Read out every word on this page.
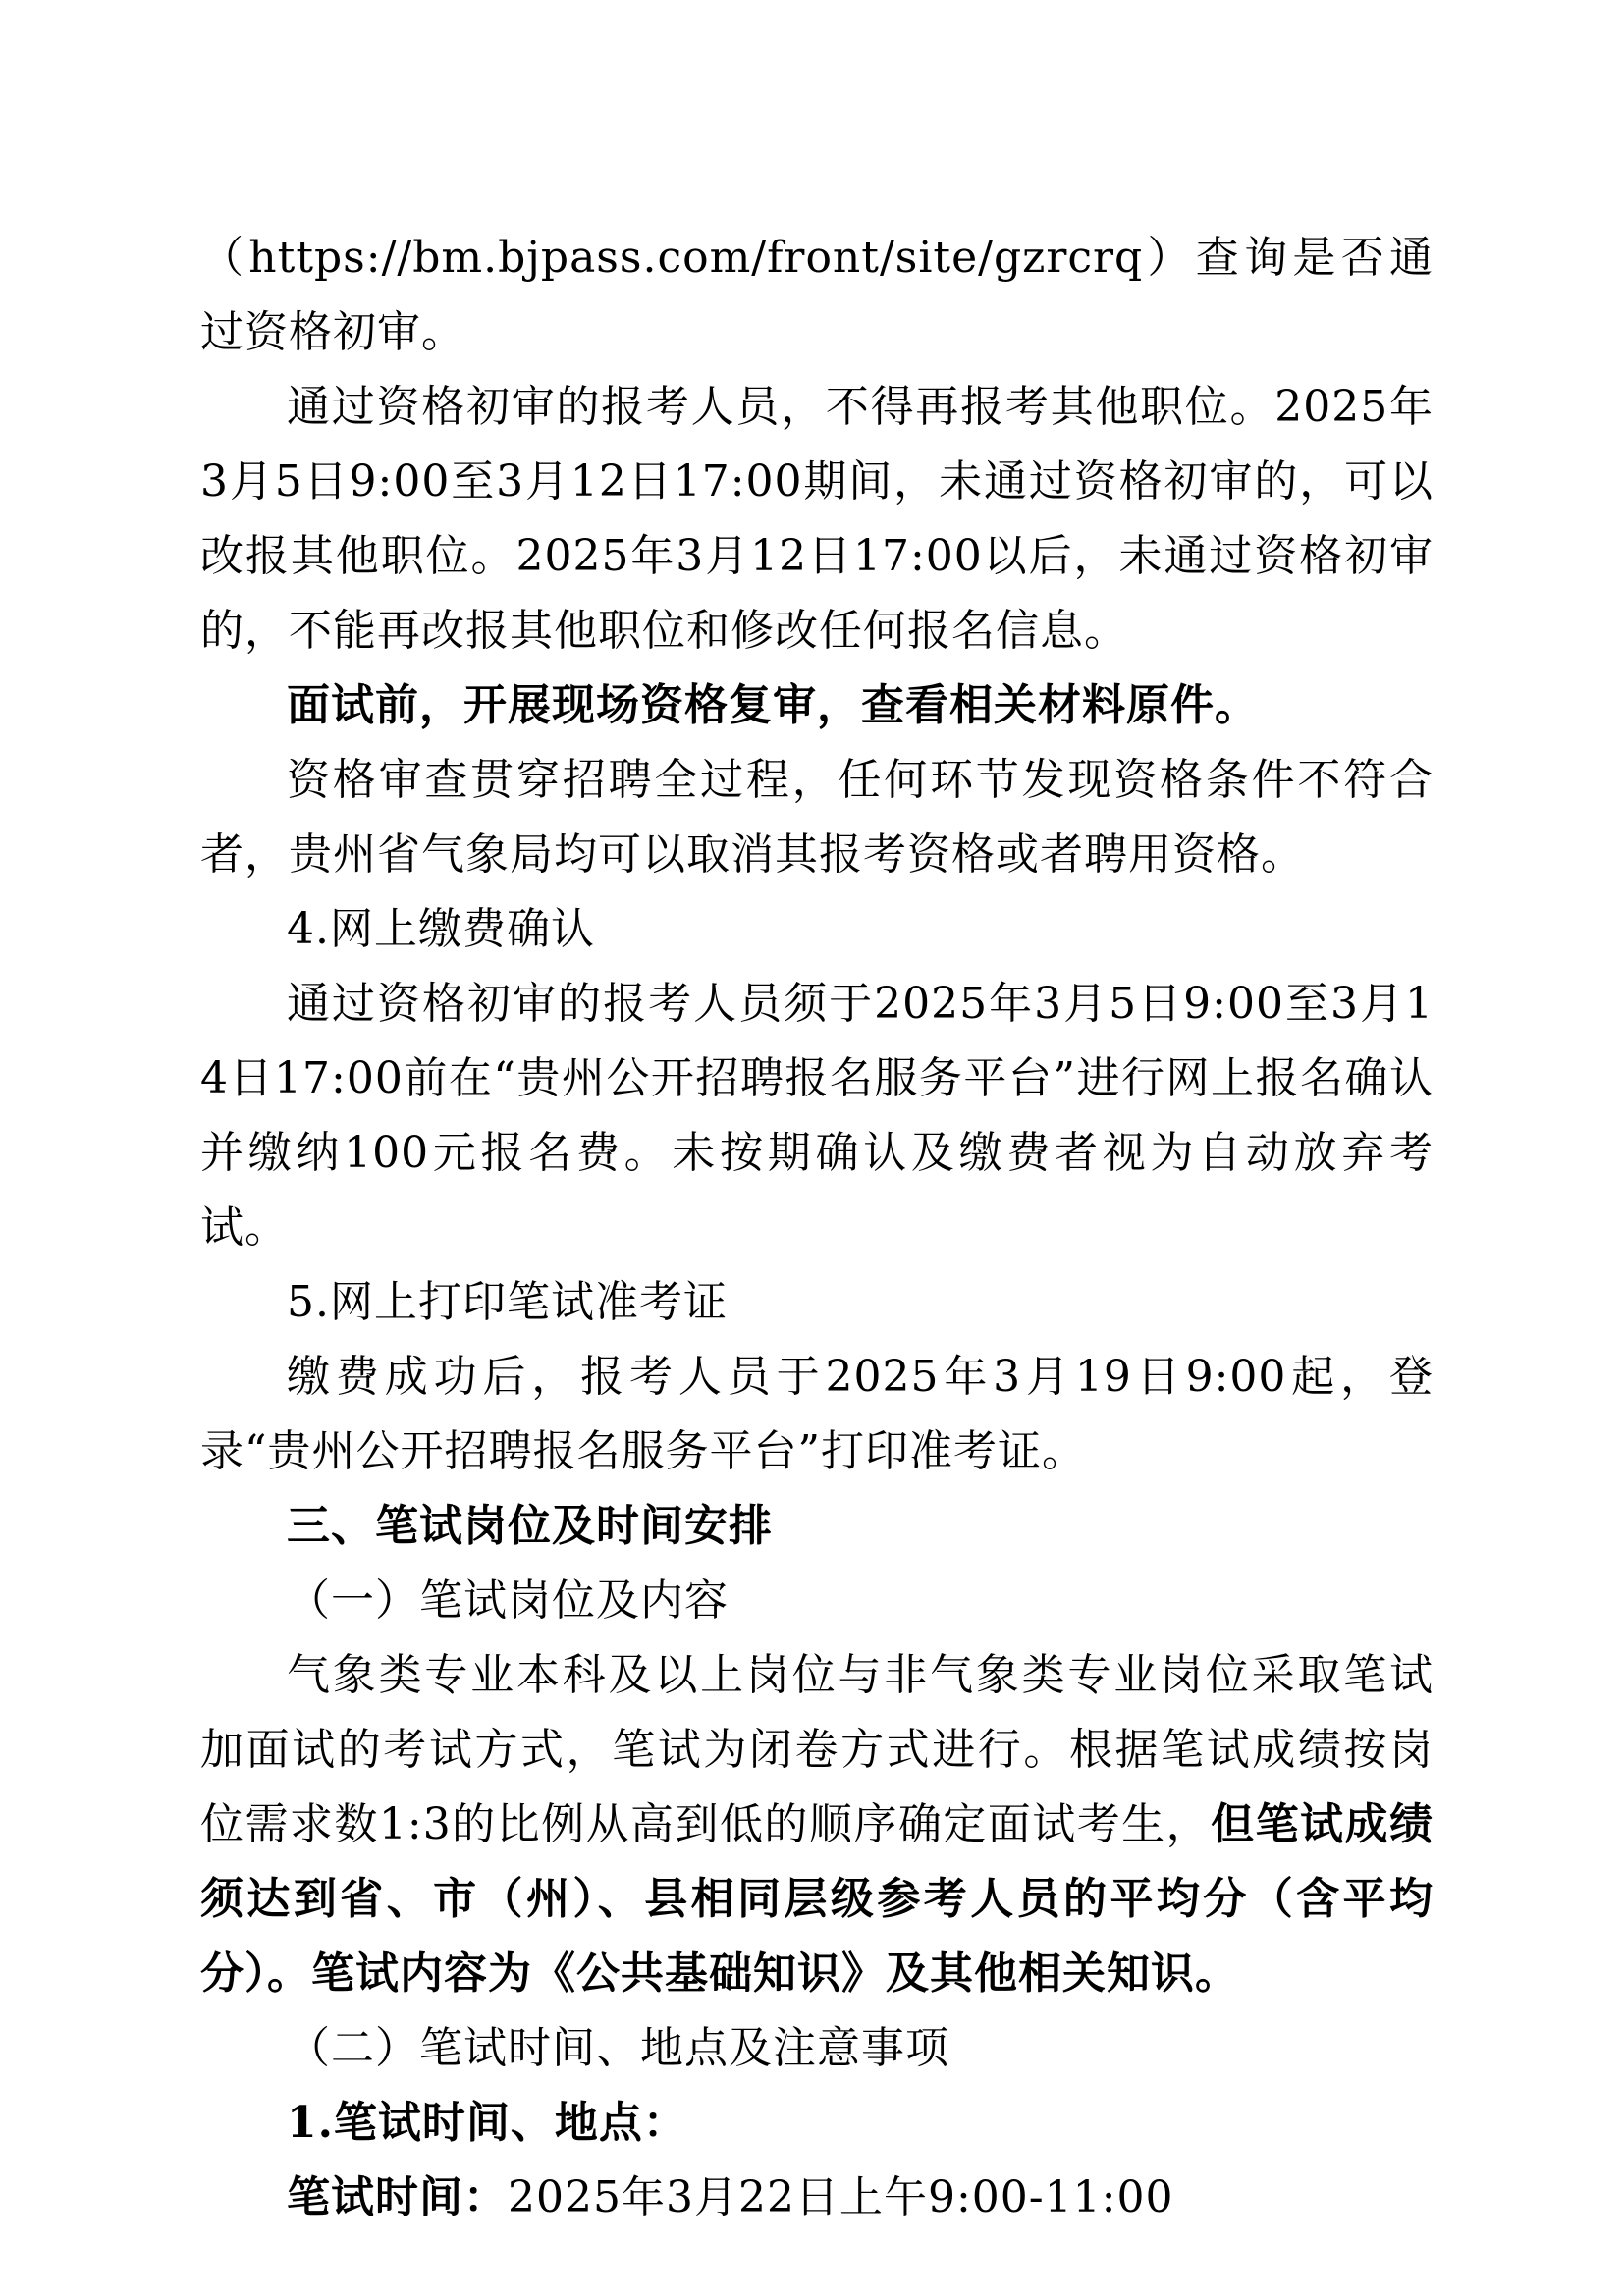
（https://bm.bjpass.com/front/site/gzrcrq）查询是否通过资格初审。

通过资格初审的报考人员，不得再报考其他职位。2025年3月5日9:00至3月12日17:00期间，未通过资格初审的，可以改报其他职位。2025年3月12日17:00以后，未通过资格初审的，不能再改报其他职位和修改任何报名信息。

面试前，开展现场资格复审，查看相关材料原件。

资格审查贯穿招聘全过程，任何环节发现资格条件不符合者，贵州省气象局均可以取消其报考资格或者聘用资格。

4.网上缴费确认

通过资格初审的报考人员须于2025年3月5日9:00至3月14日17:00前在“贵州公开招聘报名服务平台”进行网上报名确认并缴纳100元报名费。未按期确认及缴费者视为自动放弃考试。

5.网上打印笔试准考证

缴费成功后，报考人员于2025年3月19日9:00起，登录“贵州公开招聘报名服务平台”打印准考证。

三、笔试岗位及时间安排

（一）笔试岗位及内容

气象类专业本科及以上岗位与非气象类专业岗位采取笔试加面试的考试方式，笔试为闭卷方式进行。根据笔试成绩按岗位需求数1:3的比例从高到低的顺序确定面试考生，但笔试成绩须达到省、市（州）、县相同层级参考人员的平均分（含平均分）。笔试内容为《公共基础知识》及其他相关知识。

（二）笔试时间、地点及注意事项

1.笔试时间、地点：

笔试时间：2025年3月22日上午9:00-11:00
